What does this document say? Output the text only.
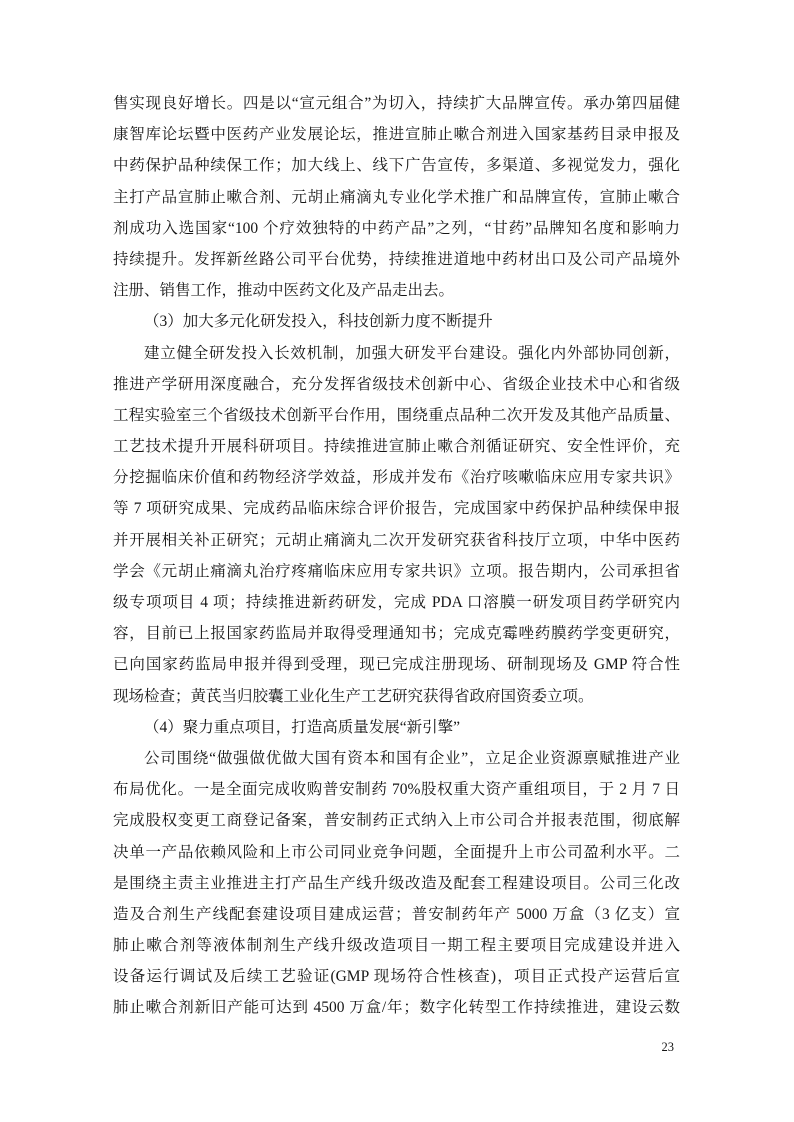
售实现良好增长。四是以“宣元组合”为切入，持续扩大品牌宣传。承办第四届健
康智库论坛暨中医药产业发展论坛，推进宣肺止嗽合剂进入国家基药目录申报及
中药保护品种续保工作；加大线上、线下广告宣传，多渠道、多视觉发力，强化
主打产品宣肺止嗽合剂、元胡止痛滴丸专业化学术推广和品牌宣传，宣肺止嗽合
剂成功入选国家“100 个疗效独特的中药产品”之列，“甘药”品牌知名度和影响力
持续提升。发挥新丝路公司平台优势，持续推进道地中药材出口及公司产品境外
注册、销售工作，推动中医药文化及产品走出去。
（3）加大多元化研发投入，科技创新力度不断提升
建立健全研发投入长效机制，加强大研发平台建设。强化内外部协同创新，
推进产学研用深度融合，充分发挥省级技术创新中心、省级企业技术中心和省级
工程实验室三个省级技术创新平台作用，围绕重点品种二次开发及其他产品质量、
工艺技术提升开展科研项目。持续推进宣肺止嗽合剂循证研究、安全性评价，充
分挖掘临床价值和药物经济学效益，形成并发布《治疗咳嗽临床应用专家共识》
等 7 项研究成果、完成药品临床综合评价报告，完成国家中药保护品种续保申报
并开展相关补正研究；元胡止痛滴丸二次开发研究获省科技厅立项，中华中医药
学会《元胡止痛滴丸治疗疼痛临床应用专家共识》立项。报告期内，公司承担省
级专项项目 4 项；持续推进新药研发，完成 PDA 口溶膜一研发项目药学研究内
容，目前已上报国家药监局并取得受理通知书；完成克霉唑药膜药学变更研究，
已向国家药监局申报并得到受理，现已完成注册现场、研制现场及 GMP 符合性
现场检查；黄芪当归胶囊工业化生产工艺研究获得省政府国资委立项。
（4）聚力重点项目，打造高质量发展“新引擎”
公司围绕“做强做优做大国有资本和国有企业”，立足企业资源禀赋推进产业
布局优化。一是全面完成收购普安制药 70%股权重大资产重组项目，于 2 月 7 日
完成股权变更工商登记备案，普安制药正式纳入上市公司合并报表范围，彻底解
决单一产品依赖风险和上市公司同业竞争问题，全面提升上市公司盈利水平。二
是围绕主责主业推进主打产品生产线升级改造及配套工程建设项目。公司三化改
造及合剂生产线配套建设项目建成运营；普安制药年产 5000 万盒（3 亿支）宣
肺止嗽合剂等液体制剂生产线升级改造项目一期工程主要项目完成建设并进入
设备运行调试及后续工艺验证(GMP 现场符合性核查)，项目正式投产运营后宣
肺止嗽合剂新旧产能可达到 4500 万盒/年；数字化转型工作持续推进，建设云数
23
